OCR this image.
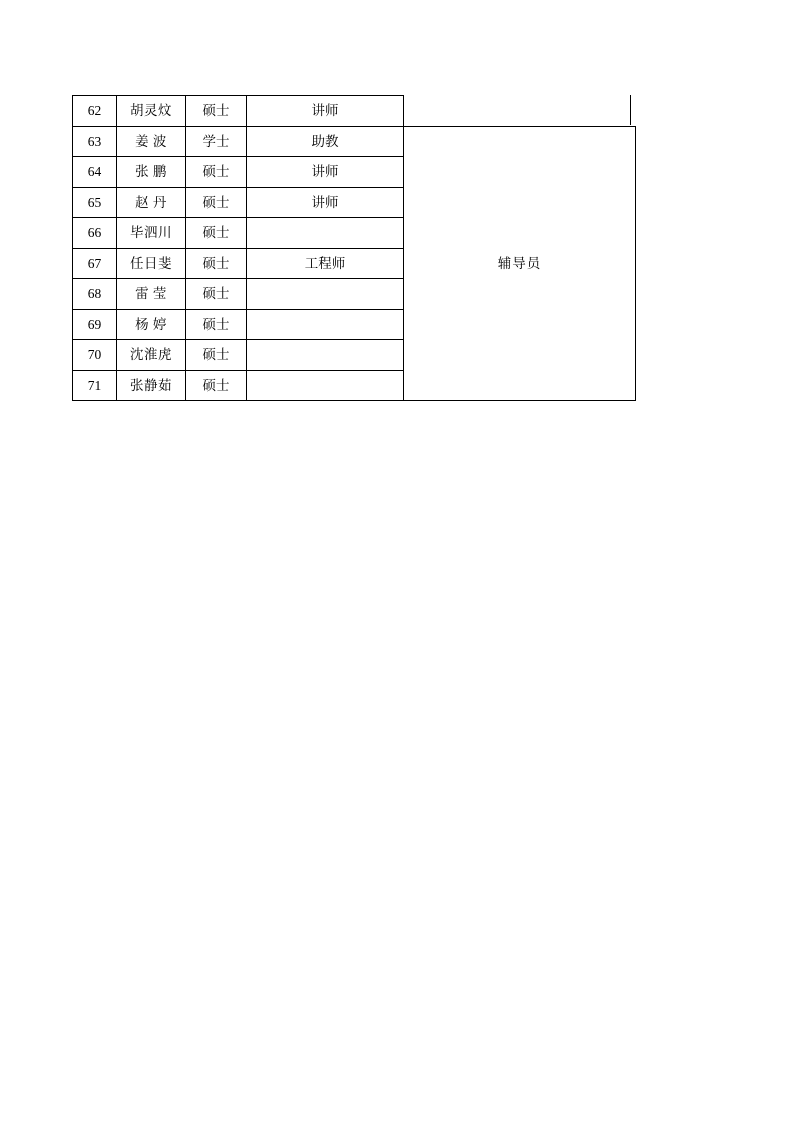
62	胡灵炆	硕士	讲师	
63	姜 波	学士	助教	辅导员
64	张 鹏	硕士	讲师	
65	赵 丹	硕士	讲师	
66	毕泗川	硕士		
67	任日斐	硕士	工程师	
68	雷 莹	硕士		
69	杨 婷	硕士		
70	沈淮虎	硕士		
71	张静茹	硕士		
